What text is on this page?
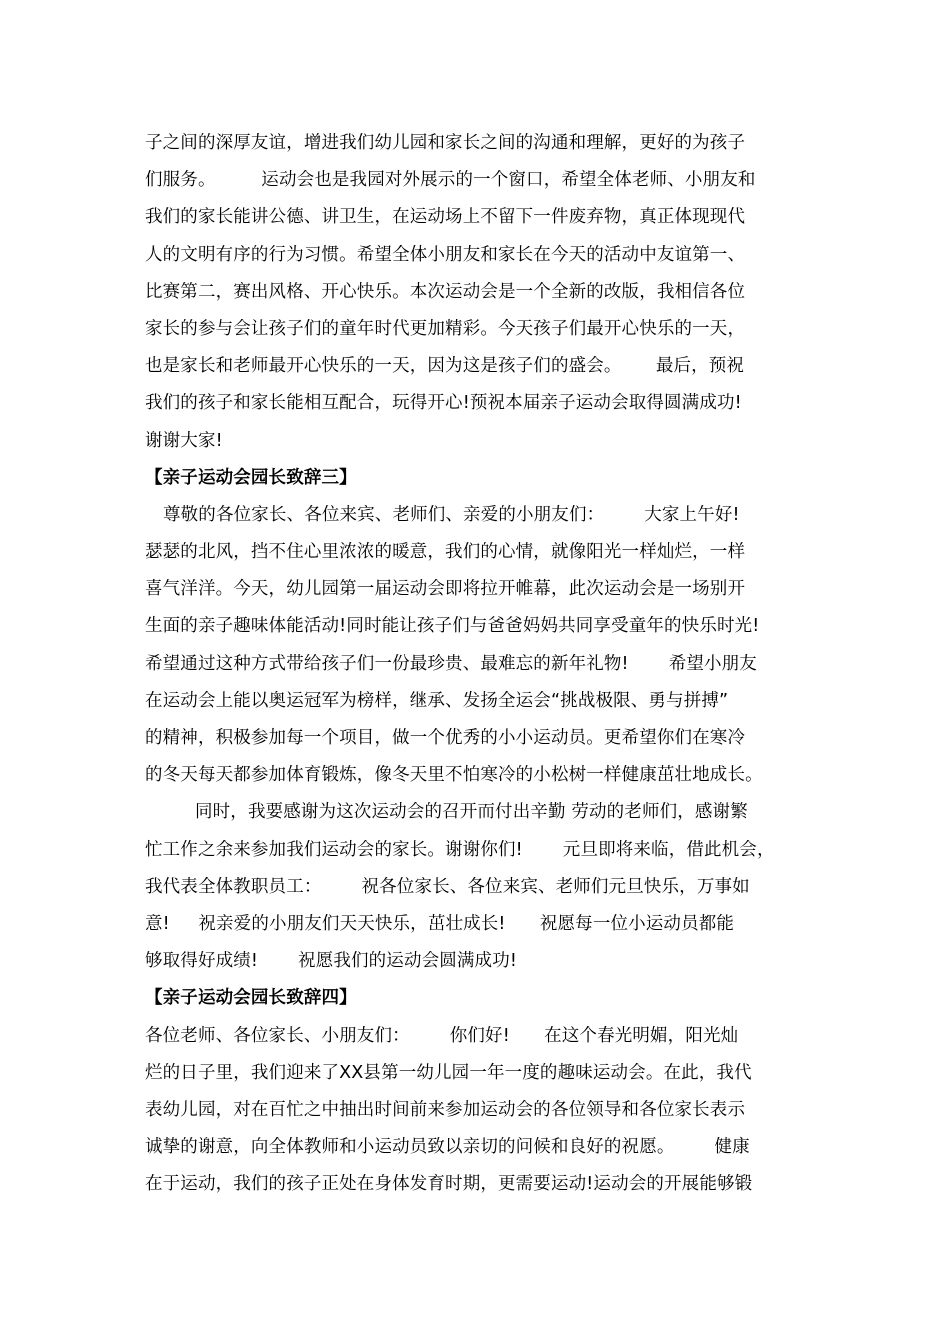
子之间的深厚友谊，增进我们幼儿园和家长之间的沟通和理解，更好的为孩子
们服务。        运动会也是我园对外展示的一个窗口，希望全体老师、小朋友和
我们的家长能讲公德、讲卫生，在运动场上不留下一件废弃物，真正体现现代
人的文明有序的行为习惯。希望全体小朋友和家长在今天的活动中友谊第一、
比赛第二，赛出风格、开心快乐。本次运动会是一个全新的改版，我相信各位
家长的参与会让孩子们的童年时代更加精彩。今天孩子们最开心快乐的一天，
也是家长和老师最开心快乐的一天，因为这是孩子们的盛会。      最后，预祝
我们的孩子和家长能相互配合，玩得开心!预祝本届亲子运动会取得圆满成功!
谢谢大家!
【亲子运动会园长致辞三】
尊敬的各位家长、各位来宾、老师们、亲爱的小朋友们：       大家上午好!
瑟瑟的北风，挡不住心里浓浓的暖意，我们的心情，就像阳光一样灿烂，一样
喜气洋洋。今天，幼儿园第一届运动会即将拉开帷幕，此次运动会是一场别开
生面的亲子趣味体能活动!同时能让孩子们与爸爸妈妈共同享受童年的快乐时光!
希望通过这种方式带给孩子们一份最珍贵、最难忘的新年礼物!       希望小朋友
在运动会上能以奥运冠军为榜样，继承、发扬全运会“挑战极限、勇与拼搏”
的精神，积极参加每一个项目，做一个优秀的小小运动员。更希望你们在寒冷
的冬天每天都参加体育锻炼，像冬天里不怕寒冷的小松树一样健康茁壮地成长。
同时，我要感谢为这次运动会的召开而付出辛勤 劳动的老师们，感谢繁
忙工作之余来参加我们运动会的家长。谢谢你们!       元旦即将来临，借此机会，
我代表全体教职员工：       祝各位家长、各位来宾、老师们元旦快乐，万事如
意!     祝亲爱的小朋友们天天快乐，茁壮成长!      祝愿每一位小运动员都能
够取得好成绩!       祝愿我们的运动会圆满成功!
【亲子运动会园长致辞四】
各位老师、各位家长、小朋友们：       你们好!      在这个春光明媚，阳光灿
烂的日子里，我们迎来了XX县第一幼儿园一年一度的趣味运动会。在此，我代
表幼儿园，对在百忙之中抽出时间前来参加运动会的各位领导和各位家长表示
诚挚的谢意，向全体教师和小运动员致以亲切的问候和良好的祝愿。       健康
在于运动，我们的孩子正处在身体发育时期，更需要运动!运动会的开展能够锻
